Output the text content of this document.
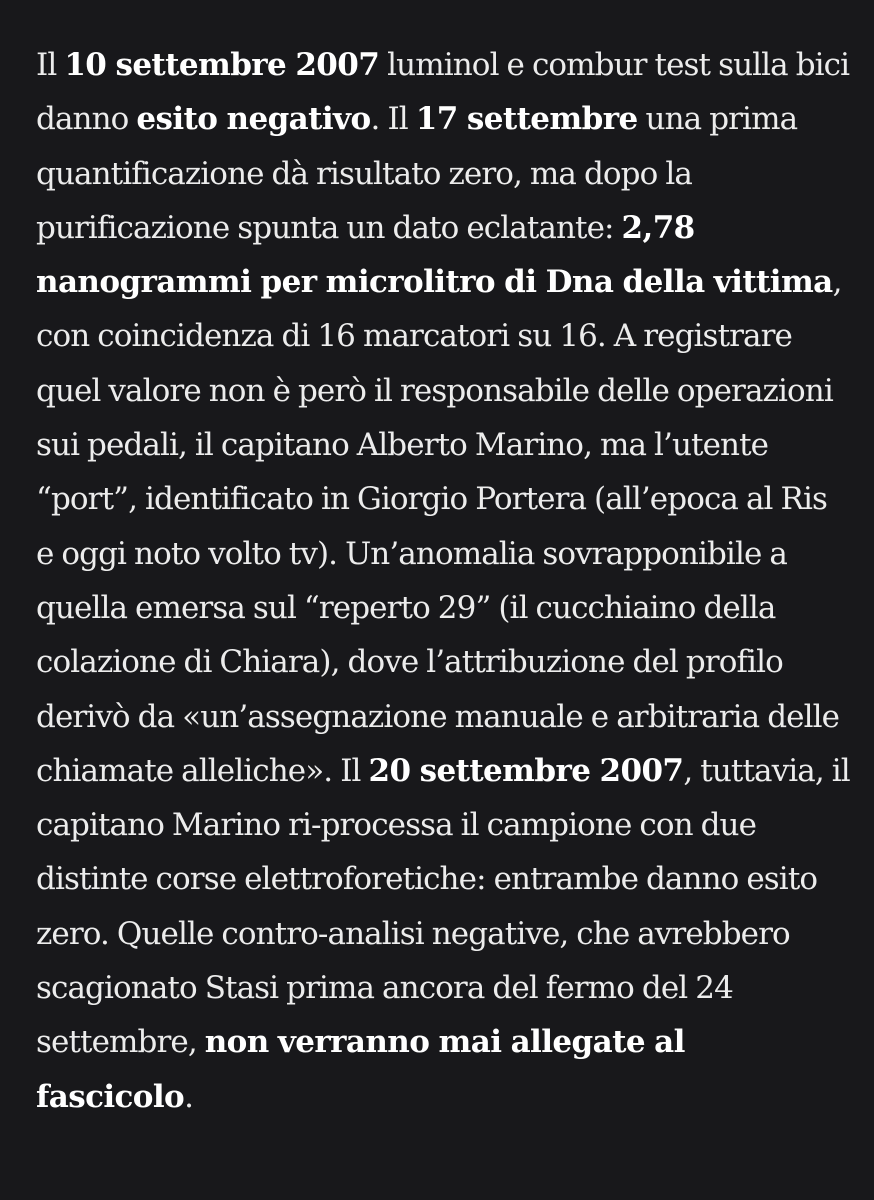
Il 10 settembre 2007 luminol e combur test sulla bici danno esito negativo. Il 17 settembre una prima quantificazione dà risultato zero, ma dopo la purificazione spunta un dato eclatante: 2,78 nanogrammi per microlitro di Dna della vittima, con coincidenza di 16 marcatori su 16. A registrare quel valore non è però il responsabile delle operazioni sui pedali, il capitano Alberto Marino, ma l’utente “port”, identificato in Giorgio Portera (all’epoca al Ris e oggi noto volto tv). Un’anomalia sovrapponibile a quella emersa sul “reperto 29” (il cucchiaino della colazione di Chiara), dove l’attribuzione del profilo derivò da «un’assegnazione manuale e arbitraria delle chiamate alleliche». Il 20 settembre 2007, tuttavia, il capitano Marino ri-processa il campione con due distinte corse elettroforetiche: entrambe danno esito zero. Quelle contro-analisi negative, che avrebbero scagionato Stasi prima ancora del fermo del 24 settembre, non verranno mai allegate al fascicolo.
